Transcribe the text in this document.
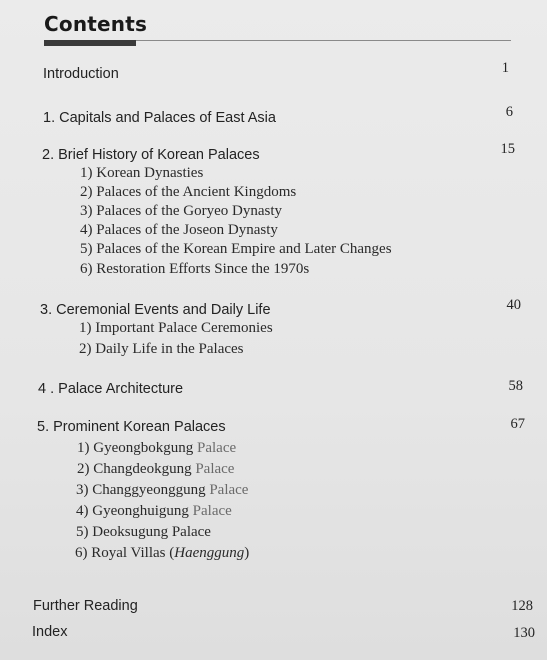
Contents
Introduction	1
1. Capitals and Palaces of East Asia	6
2. Brief History of Korean Palaces	15
1) Korean Dynasties
2) Palaces of the Ancient Kingdoms
3) Palaces of the Goryeo Dynasty
4) Palaces of the Joseon Dynasty
5) Palaces of the Korean Empire and Later Changes
6) Restoration Efforts Since the 1970s
3. Ceremonial Events and Daily Life	40
1) Important Palace Ceremonies
2) Daily Life in the Palaces
4 . Palace Architecture	58
5. Prominent Korean Palaces	67
1) Gyeongbokgung Palace
2) Changdeokgung Palace
3) Changgyeonggung Palace
4) Gyeonghuigung Palace
5) Deoksugung Palace
6) Royal Villas (Haenggung)
Further Reading	128
Index	130
